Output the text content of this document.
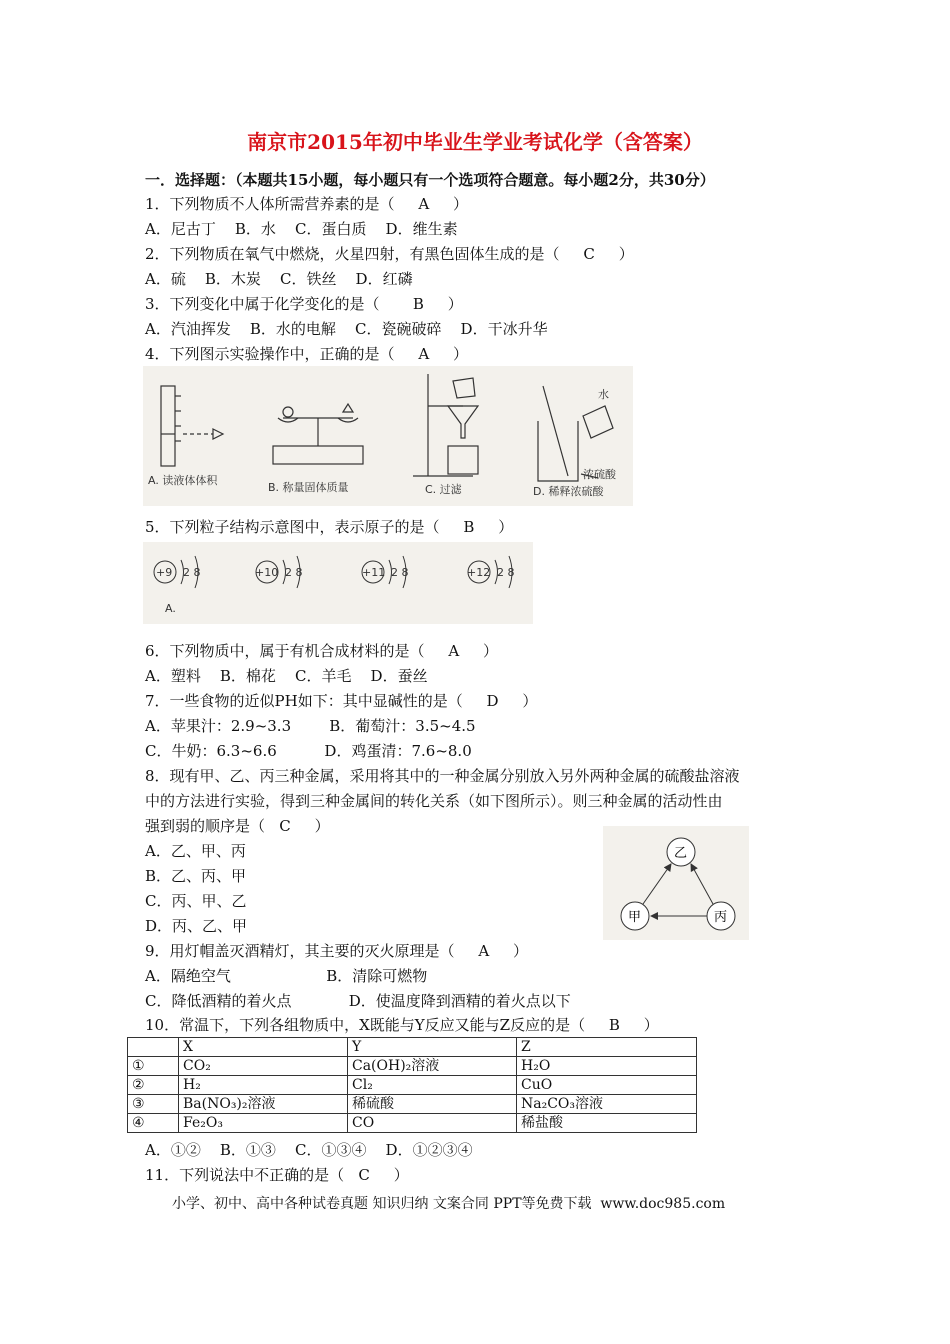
南京市2015年初中毕业生学业考试化学（含答案）
一．选择题：（本题共15小题，每小题只有一个选项符合题意。每小题2分，共30分）
1．下列物质不人体所需营养素的是（     A     ）
A．尼古丁    B．水    C．蛋白质    D．维生素
2．下列物质在氧气中燃烧，火星四射，有黑色固体生成的是（     C     ）
A．硫    B．木炭    C．铁丝    D．红磷
3．下列变化中属于化学变化的是（       B     ）
A．汽油挥发    B．水的电解    C．瓷碗破碎    D．干冰升华
4．下列图示实验操作中，正确的是（     A     ）
A. 读液体体积
B. 称量固体质量	C. 过滤	D. 稀释浓硫酸
水
浓硫酸
5．下列粒子结构示意图中，表示原子的是（     B     ）
+9 2 8
A.
+10 2 8	+11 2 8	+12 2 8
6．下列物质中，属于有机合成材料的是（     A     ）
A．塑料    B．棉花    C．羊毛    D．蚕丝
7．一些食物的近似PH如下：其中显碱性的是（     D     ）
A．苹果汁：2.9~3.3        B．葡萄汁：3.5~4.5
C．牛奶：6.3~6.6          D．鸡蛋清：7.6~8.0
8．现有甲、乙、丙三种金属，采用将其中的一种金属分别放入另外两种金属的硫酸盐溶液
中的方法进行实验，得到三种金属间的转化关系（如下图所示）。则三种金属的活动性由
强到弱的顺序是（   C     ）
A．乙、甲、丙
B．乙、丙、甲
C．丙、甲、乙
D．丙、乙、甲
乙
甲	丙
9．用灯帽盖灭酒精灯，其主要的灭火原理是（     A     ）
A．隔绝空气                    B．清除可燃物
C．降低酒精的着火点            D．使温度降到酒精的着火点以下
10．常温下，下列各组物质中，X既能与Y反应又能与Z反应的是（     B     ）
	X	Y	Z
①	CO₂	Ca(OH)₂溶液	H₂O
②	H₂	Cl₂	CuO
③	Ba(NO₃)₂溶液	稀硫酸	Na₂CO₃溶液
④	Fe₂O₃	CO	稀盐酸
A．①②    B．①③    C．①③④    D．①②③④
11．下列说法中不正确的是（   C     ）
小学、初中、高中各种试卷真题 知识归纳 文案合同 PPT等免费下载  www.doc985.com
